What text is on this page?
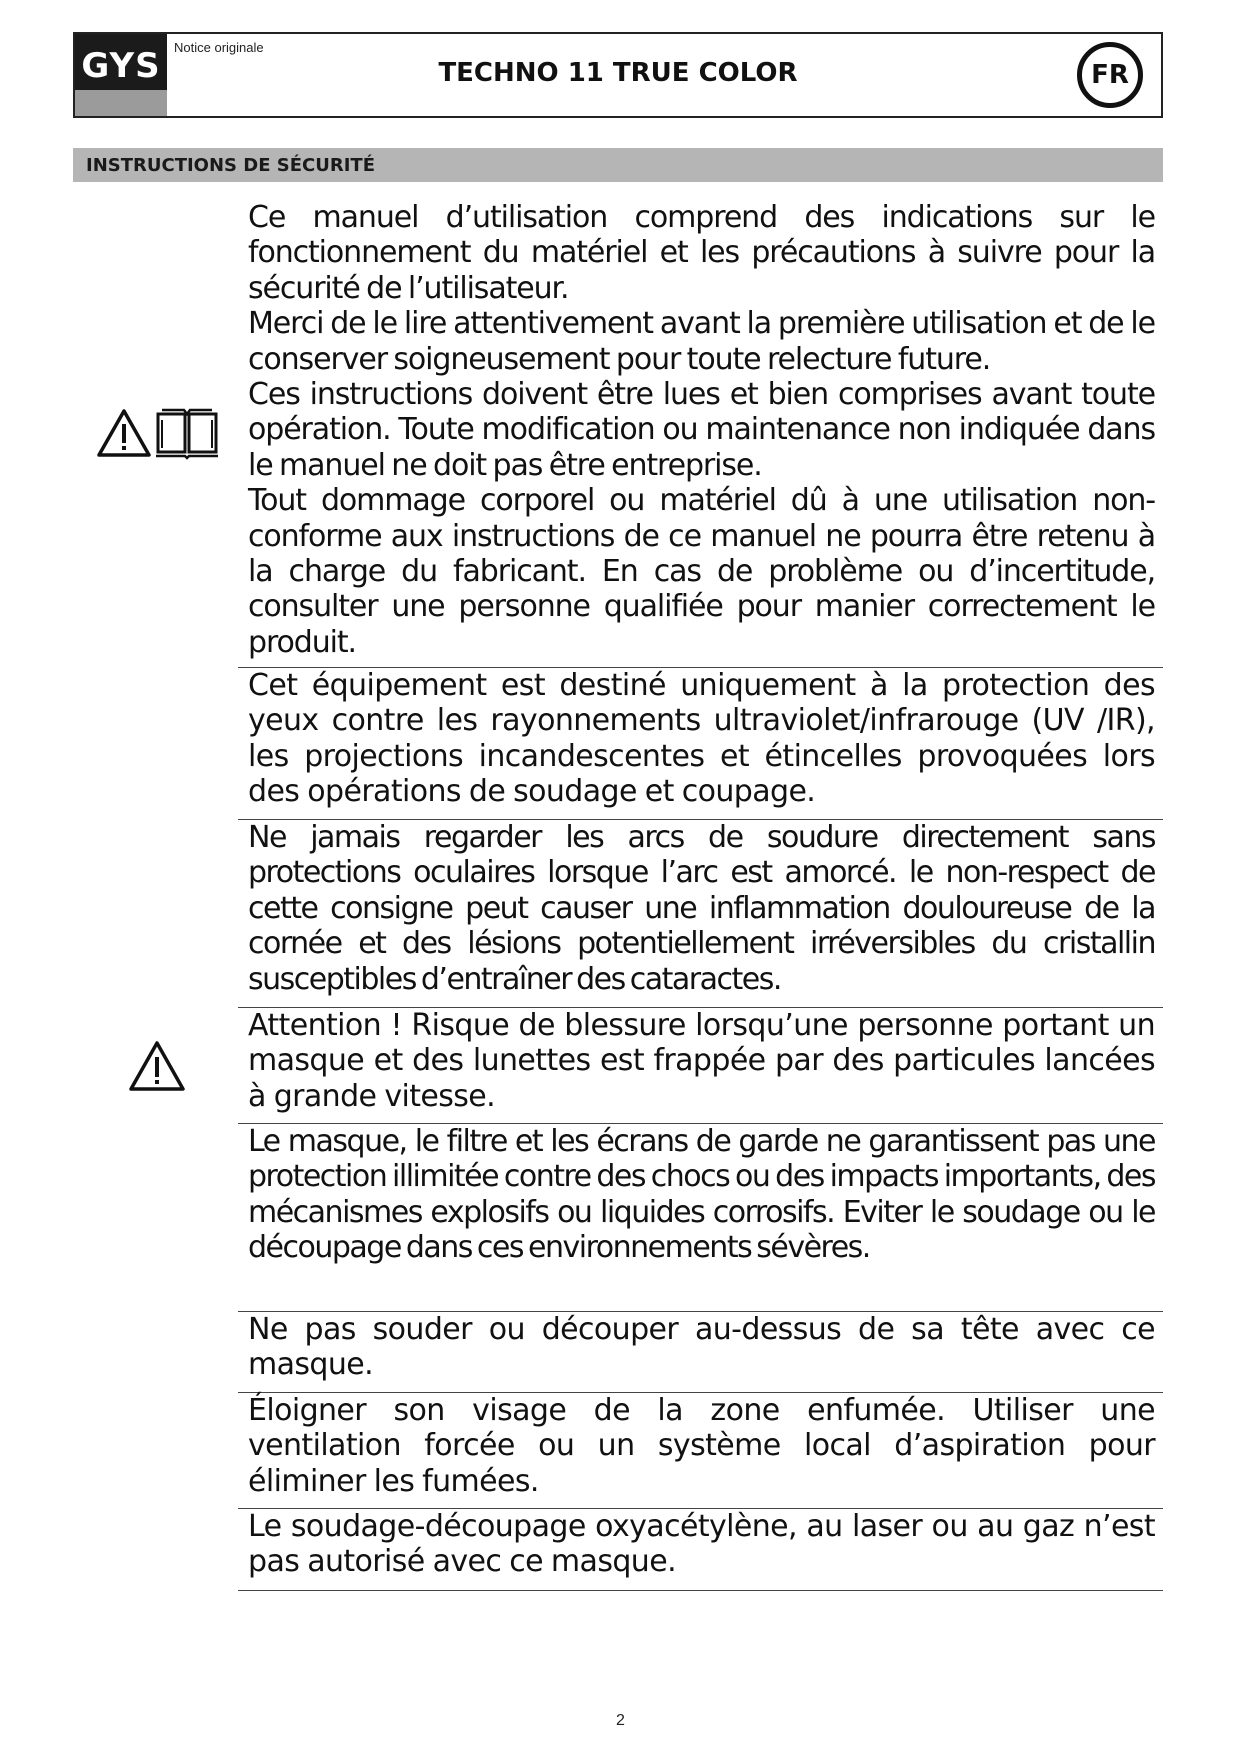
GYS	Notice originale
TECHNO 11 TRUE COLOR	FR
INSTRUCTIONS DE SÉCURITÉ

Ce manuel d’utilisation comprend des indications sur le fonctionnement du matériel et les précautions à suivre pour la sécurité de l’utilisateur.
Merci de le lire attentivement avant la première utilisation et de le conserver soigneusement pour toute relecture future.
Ces instructions doivent être lues et bien comprises avant toute opération. Toute modification ou maintenance non indiquée dans le manuel ne doit pas être entreprise.
Tout dommage corporel ou matériel dû à une utilisation non-conforme aux instructions de ce manuel ne pourra être retenu à la charge du fabricant. En cas de problème ou d’incertitude, consulter une personne qualifiée pour manier correctement le produit.

Cet équipement est destiné uniquement à la protection des yeux contre les rayonnements ultraviolet/infrarouge (UV /IR), les projections incandescentes et étincelles provoquées lors des opérations de soudage et coupage.

Ne jamais regarder les arcs de soudure directement sans protections oculaires lorsque l’arc est amorcé. le non-respect de cette consigne peut causer une inflammation douloureuse de la cornée et des lésions potentiellement irréversibles du cristallin susceptibles d’entraîner des cataractes.

Attention ! Risque de blessure lorsqu’une personne portant un masque et des lunettes est frappée par des particules lancées à grande vitesse.

Le masque, le filtre et les écrans de garde ne garantissent pas une protection illimitée contre des chocs ou des impacts importants, des mécanismes explosifs ou liquides corrosifs. Eviter le soudage ou le découpage dans ces environnements sévères.

Ne pas souder ou découper au-dessus de sa tête avec ce masque.

Éloigner son visage de la zone enfumée. Utiliser une ventilation forcée ou un système local d’aspiration pour éliminer les fumées.

Le soudage-découpage oxyacétylène, au laser ou au gaz n’est pas autorisé avec ce masque.

2
